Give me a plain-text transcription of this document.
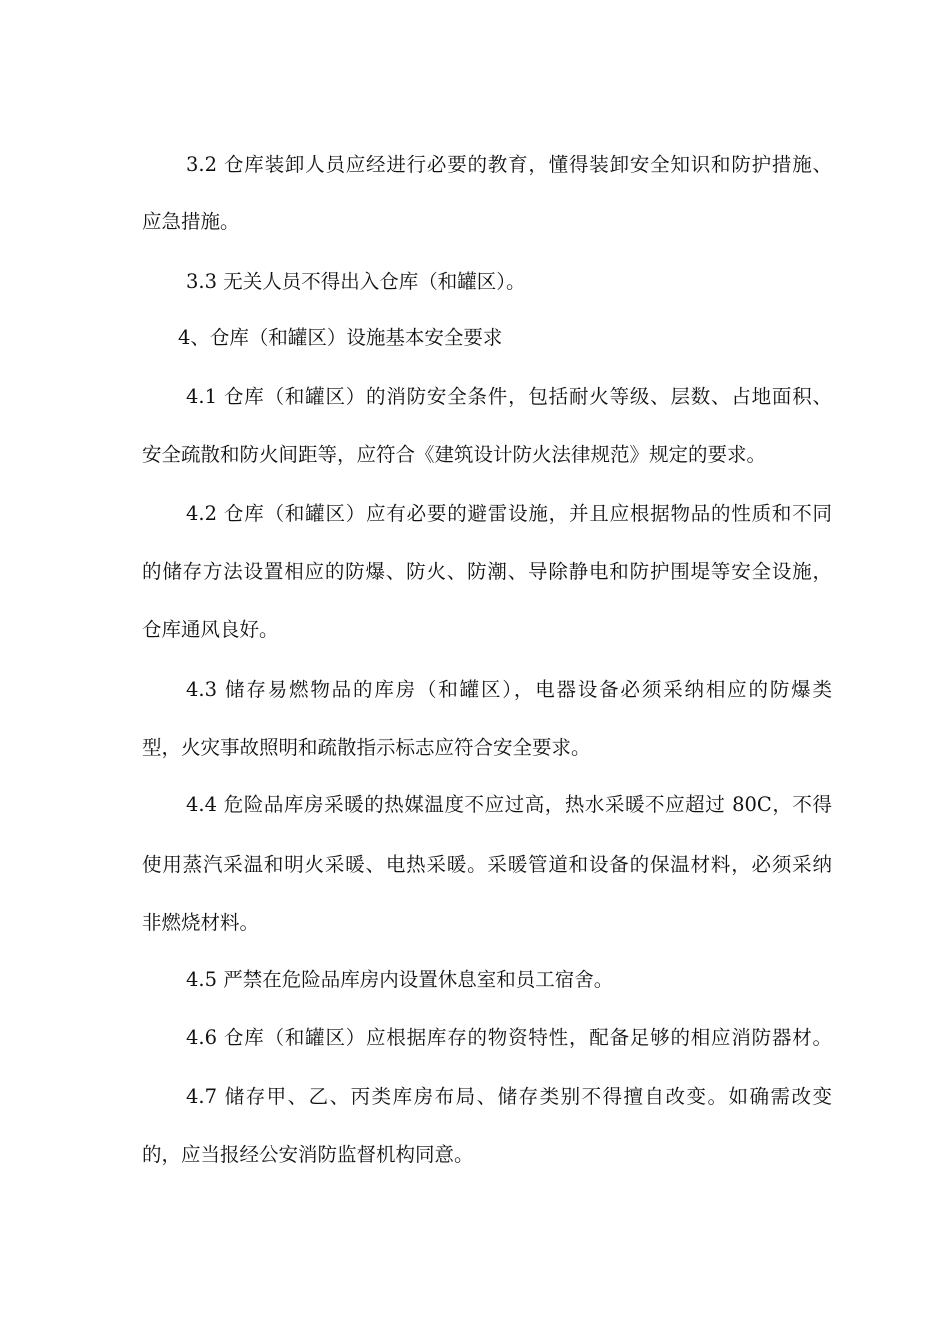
3.2 仓库装卸人员应经进行必要的教育，懂得装卸安全知识和防护措施、
应急措施。
3.3 无关人员不得出入仓库（和罐区）。
4、仓库（和罐区）设施基本安全要求
4.1 仓库（和罐区）的消防安全条件，包括耐火等级、层数、占地面积、
安全疏散和防火间距等，应符合《建筑设计防火法律规范》规定的要求。
4.2 仓库（和罐区）应有必要的避雷设施，并且应根据物品的性质和不同
的储存方法设置相应的防爆、防火、防潮、导除静电和防护围堤等安全设施，
仓库通风良好。
4.3 储存易燃物品的库房（和罐区），电器设备必须采纳相应的防爆类
型，火灾事故照明和疏散指示标志应符合安全要求。
4.4 危险品库房采暖的热媒温度不应过高，热水采暖不应超过 80C，不得
使用蒸汽采温和明火采暖、电热采暖。采暖管道和设备的保温材料，必须采纳
非燃烧材料。
4.5 严禁在危险品库房内设置休息室和员工宿舍。
4.6 仓库（和罐区）应根据库存的物资特性，配备足够的相应消防器材。
4.7 储存甲、乙、丙类库房布局、储存类别不得擅自改变。如确需改变
的，应当报经公安消防监督机构同意。
